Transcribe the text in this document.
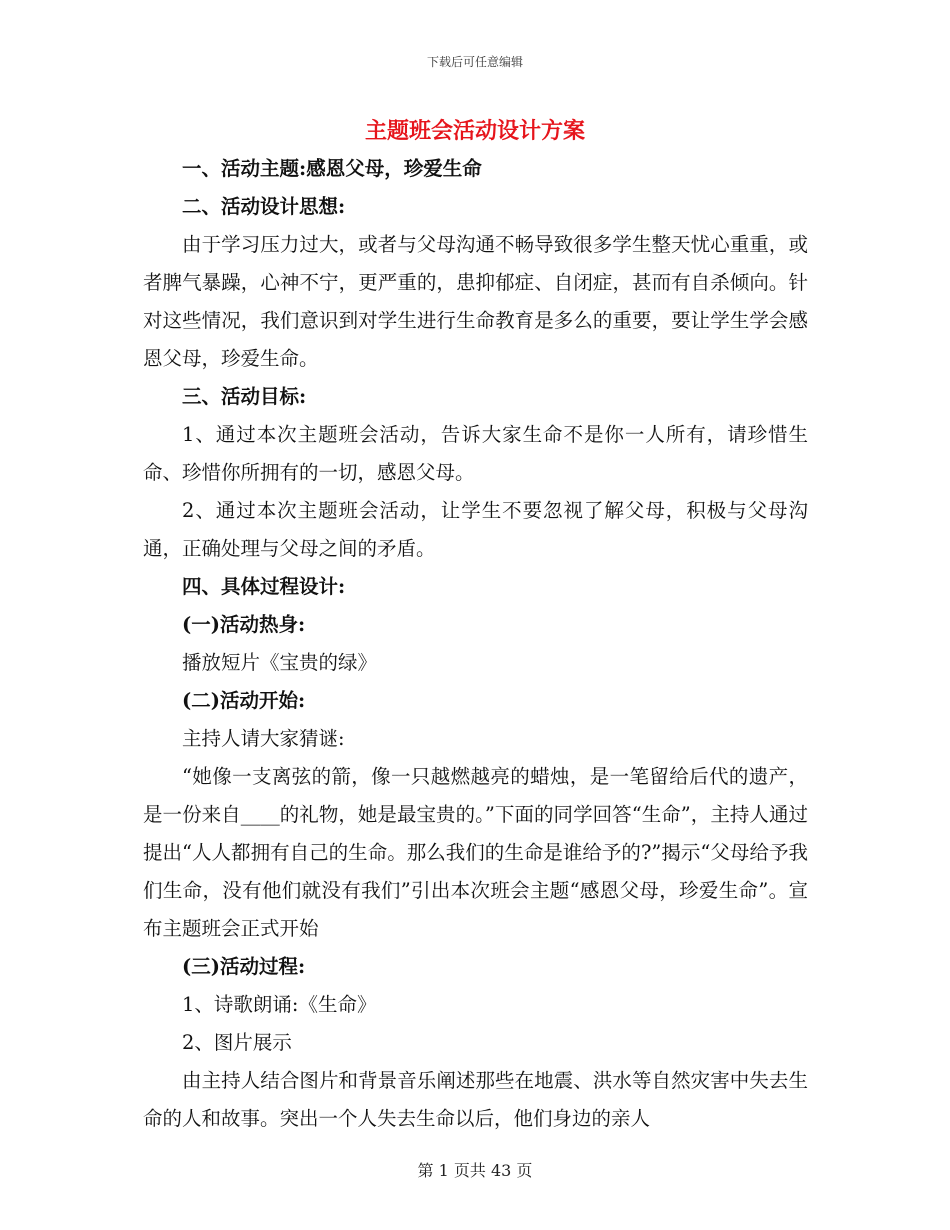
下载后可任意编辑
主题班会活动设计方案

一、活动主题:感恩父母，珍爱生命

二、活动设计思想:

由于学习压力过大，或者与父母沟通不畅导致很多学生整天忧心重重，或者脾气暴躁，心神不宁，更严重的，患抑郁症、自闭症，甚而有自杀倾向。针对这些情况，我们意识到对学生进行生命教育是多么的重要，要让学生学会感恩父母，珍爱生命。

三、活动目标:

1、通过本次主题班会活动，告诉大家生命不是你一人所有，请珍惜生命、珍惜你所拥有的一切，感恩父母。

2、通过本次主题班会活动，让学生不要忽视了解父母，积极与父母沟通，正确处理与父母之间的矛盾。

四、具体过程设计:

(一)活动热身:

播放短片《宝贵的绿》

(二)活动开始:

主持人请大家猜谜:

“她像一支离弦的箭，像一只越燃越亮的蜡烛，是一笔留给后代的遗产，是一份来自____的礼物，她是最宝贵的。”下面的同学回答“生命”，主持人通过提出“人人都拥有自己的生命。那么我们的生命是谁给予的?”揭示“父母给予我们生命，没有他们就没有我们”引出本次班会主题“感恩父母，珍爱生命”。宣布主题班会正式开始

(三)活动过程:

1、诗歌朗诵:《生命》

2、图片展示

由主持人结合图片和背景音乐阐述那些在地震、洪水等自然灾害中失去生命的人和故事。突出一个人失去生命以后，他们身边的亲人

第 1 页共 43 页
